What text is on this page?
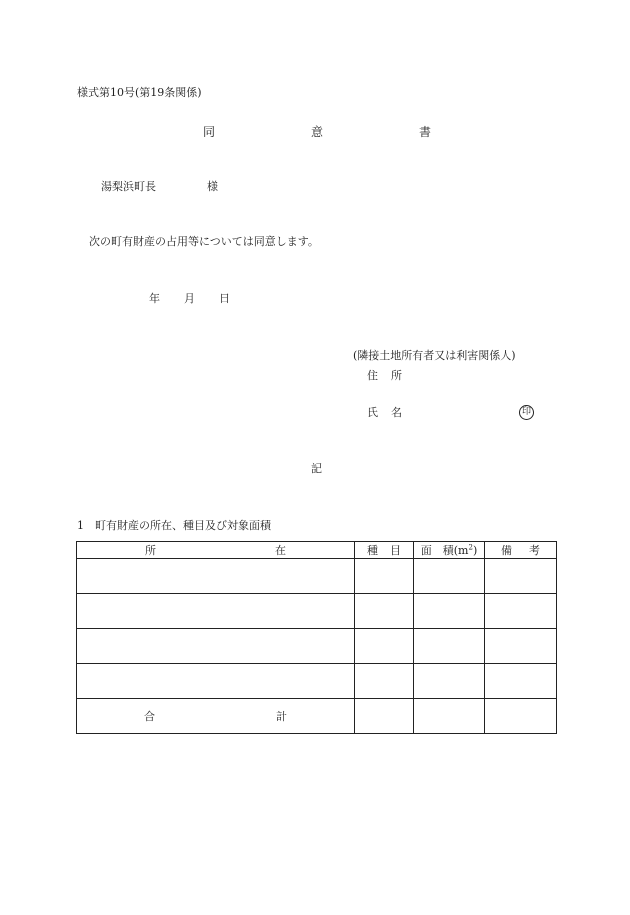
様式第10号(第19条関係)
同	意	書
湯梨浜町長	様
次の町有財産の占用等については同意します。
年 月 日
(隣接土地所有者又は利害関係人)
住 所
氏 名	印
記
1　町有財産の所在、種目及び対象面積
所 在	種 目	面　積$(m^2)$	備 考

合 計			
